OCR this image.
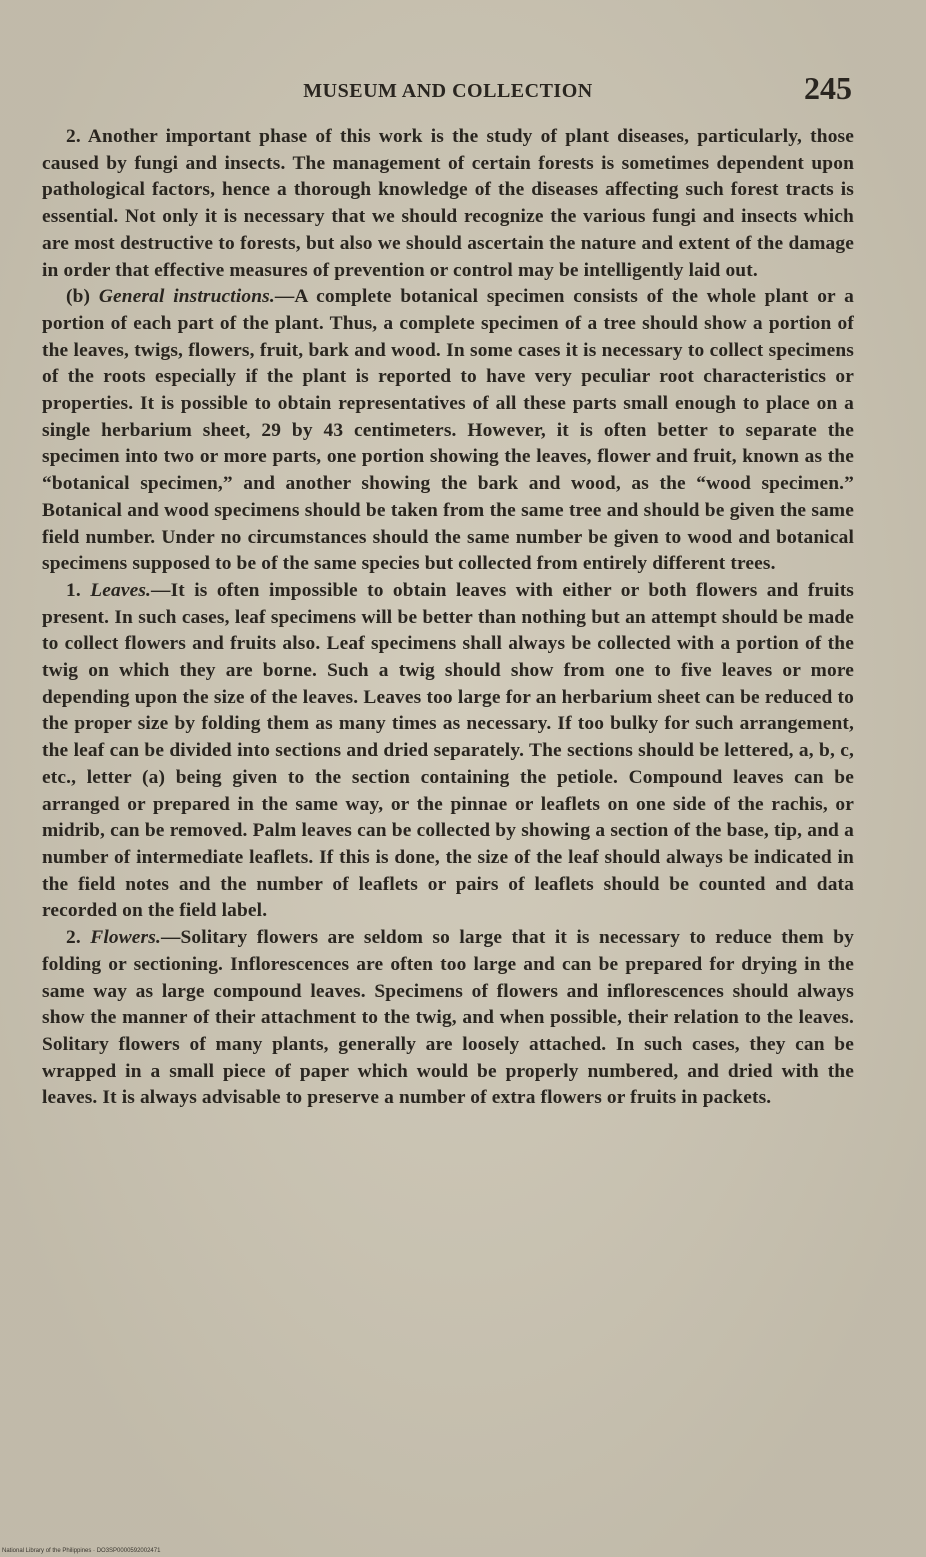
MUSEUM AND COLLECTION	245

2. Another important phase of this work is the study of plant diseases, particularly, those caused by fungi and insects. The management of certain forests is sometimes dependent upon pathological factors, hence a thorough knowledge of the diseases affecting such forest tracts is essential. Not only it is necessary that we should recognize the various fungi and insects which are most destructive to forests, but also we should ascertain the nature and extent of the damage in order that effective measures of prevention or control may be intelligently laid out.

(b) General instructions.—A complete botanical specimen consists of the whole plant or a portion of each part of the plant. Thus, a complete specimen of a tree should show a portion of the leaves, twigs, flowers, fruit, bark and wood. In some cases it is necessary to collect specimens of the roots especially if the plant is reported to have very peculiar root characteristics or properties. It is possible to obtain representatives of all these parts small enough to place on a single herbarium sheet, 29 by 43 centimeters. However, it is often better to separate the specimen into two or more parts, one portion showing the leaves, flower and fruit, known as the “botanical specimen,” and another showing the bark and wood, as the “wood specimen.” Botanical and wood specimens should be taken from the same tree and should be given the same field number. Under no circumstances should the same number be given to wood and botanical specimens supposed to be of the same species but collected from entirely different trees.

1. Leaves.—It is often impossible to obtain leaves with either or both flowers and fruits present. In such cases, leaf specimens will be better than nothing but an attempt should be made to collect flowers and fruits also. Leaf specimens shall always be collected with a portion of the twig on which they are borne. Such a twig should show from one to five leaves or more depending upon the size of the leaves. Leaves too large for an herbarium sheet can be reduced to the proper size by folding them as many times as necessary. If too bulky for such arrangement, the leaf can be divided into sections and dried separately. The sections should be lettered, a, b, c, etc., letter (a) being given to the section containing the petiole. Compound leaves can be arranged or prepared in the same way, or the pinnae or leaflets on one side of the rachis, or midrib, can be removed. Palm leaves can be collected by showing a section of the base, tip, and a number of intermediate leaflets. If this is done, the size of the leaf should always be indicated in the field notes and the number of leaflets or pairs of leaflets should be counted and data recorded on the field label.

2. Flowers.—Solitary flowers are seldom so large that it is necessary to reduce them by folding or sectioning. Inflorescences are often too large and can be prepared for drying in the same way as large compound leaves. Specimens of flowers and inflorescences should always show the manner of their attachment to the twig, and when possible, their relation to the leaves. Solitary flowers of many plants, generally are loosely attached. In such cases, they can be wrapped in a small piece of paper which would be properly numbered, and dried with the leaves. It is always advisable to preserve a number of extra flowers or fruits in packets.

National Library of the Philippines · DO3SP0000592002471
